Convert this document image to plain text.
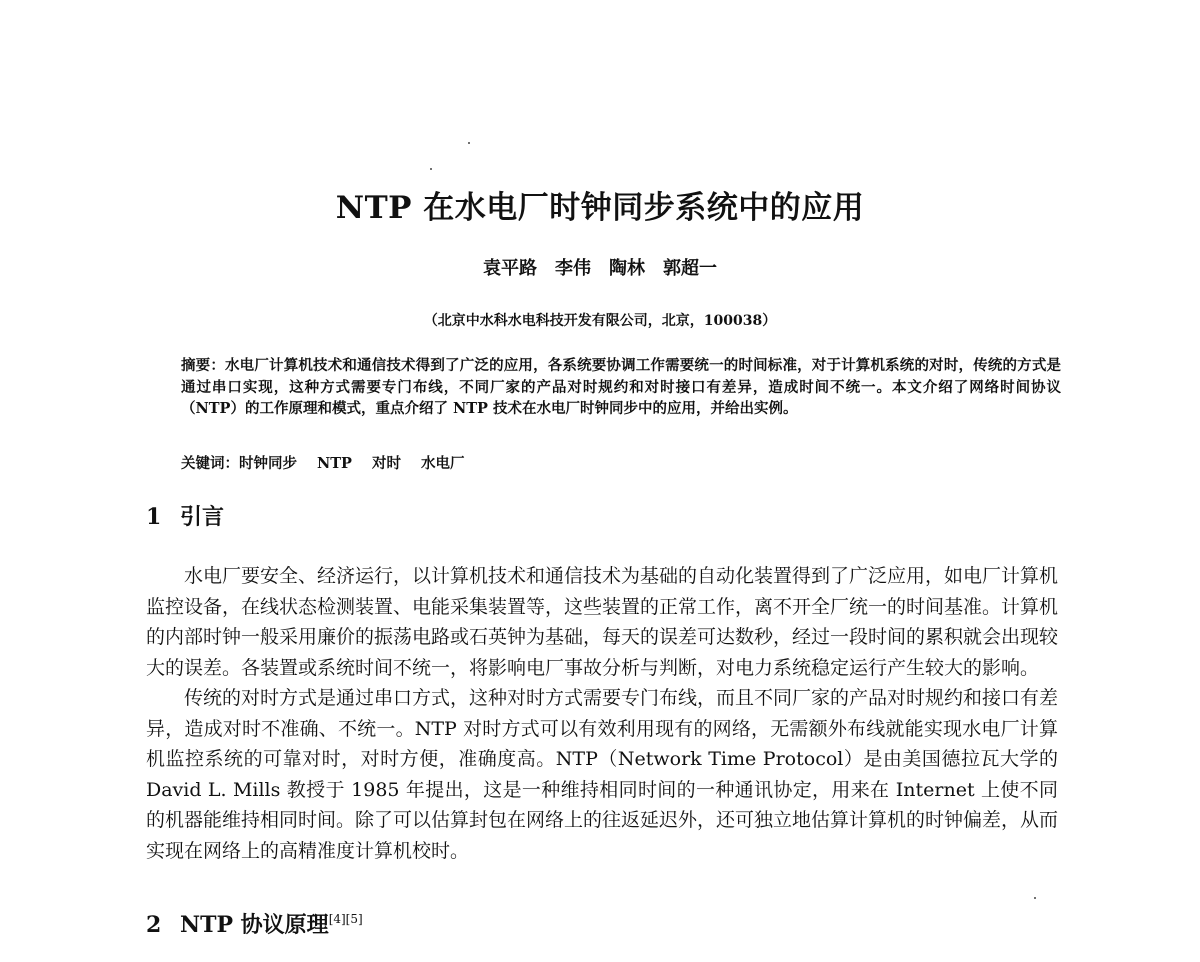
NTP 在水电厂时钟同步系统中的应用
袁平路　李伟　陶林　郭超一
（北京中水科水电科技开发有限公司，北京，100038）
摘要：水电厂计算机技术和通信技术得到了广泛的应用，各系统要协调工作需要统一的时间标准，对于计算机系统的对时，传统的方式是通过串口实现，这种方式需要专门布线，不同厂家的产品对时规约和对时接口有差异，造成时间不统一。本文介绍了网络时间协议（NTP）的工作原理和模式，重点介绍了 NTP 技术在水电厂时钟同步中的应用，并给出实例。
关键词：时钟同步 NTP 对时 水电厂
1 引言

水电厂要安全、经济运行，以计算机技术和通信技术为基础的自动化装置得到了广泛应用，如电厂计算机监控设备，在线状态检测装置、电能采集装置等，这些装置的正常工作，离不开全厂统一的时间基准。计算机的内部时钟一般采用廉价的振荡电路或石英钟为基础，每天的误差可达数秒，经过一段时间的累积就会出现较大的误差。各装置或系统时间不统一，将影响电厂事故分析与判断，对电力系统稳定运行产生较大的影响。

传统的对时方式是通过串口方式，这种对时方式需要专门布线，而且不同厂家的产品对时规约和接口有差异，造成对时不准确、不统一。NTP 对时方式可以有效利用现有的网络，无需额外布线就能实现水电厂计算机监控系统的可靠对时，对时方便，准确度高。NTP（Network Time Protocol）是由美国德拉瓦大学的 David L. Mills 教授于 1985 年提出，这是一种维持相同时间的一种通讯协定，用来在 Internet 上使不同的机器能维持相同时间。除了可以估算封包在网络上的往返延迟外，还可独立地估算计算机的时钟偏差，从而实现在网络上的高精准度计算机校时。

2 NTP 协议原理[4][5]
